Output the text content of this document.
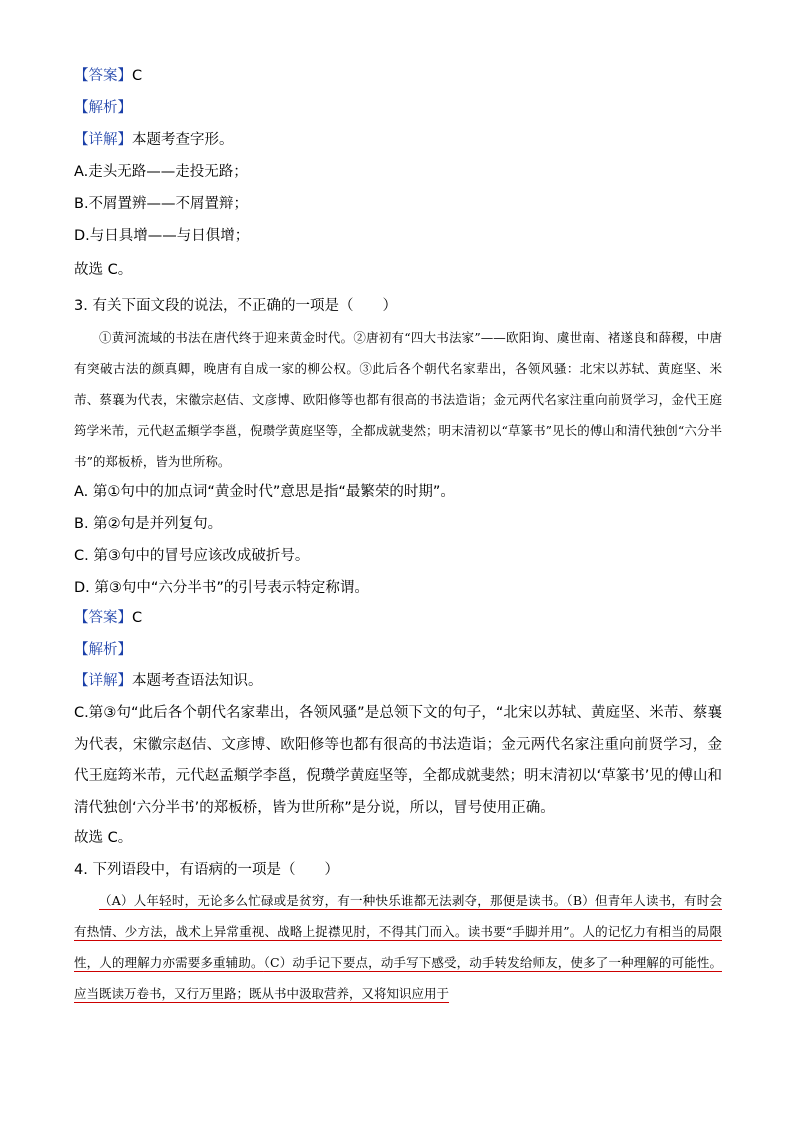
【答案】C
【解析】
【详解】本题考查字形。
A.走头无路——走投无路；
B.不屑置辨——不屑置辩；
D.与日具增——与日俱增；
故选 C。
3. 有关下面文段的说法，不正确的一项是（　　）

①黄河流域的书法在唐代终于迎来黄金时代。②唐初有“四大书法家”——欧阳询、虞世南、褚遂良和薛稷，中唐有突破古法的颜真卿，晚唐有自成一家的柳公权。③此后各个朝代名家辈出，各领风骚：北宋以苏轼、黄庭坚、米芾、蔡襄为代表，宋徽宗赵佶、文彦博、欧阳修等也都有很高的书法造诣；金元两代名家注重向前贤学习，金代王庭筠学米芾，元代赵孟頫学李邕，倪瓒学黄庭坚等，全都成就斐然；明末清初以“草篆书”见长的傅山和清代独创“六分半书”的郑板桥，皆为世所称。

A. 第①句中的加点词“黄金时代”意思是指“最繁荣的时期”。
B. 第②句是并列复句。
C. 第③句中的冒号应该改成破折号。
D. 第③句中“六分半书”的引号表示特定称谓。
【答案】C
【解析】
【详解】本题考查语法知识。

C.第③句“此后各个朝代名家辈出，各领风骚”是总领下文的句子，“北宋以苏轼、黄庭坚、米芾、蔡襄为代表，宋徽宗赵佶、文彦博、欧阳修等也都有很高的书法造诣；金元两代名家注重向前贤学习，金代王庭筠米芾，元代赵孟頫学李邕，倪瓒学黄庭坚等，全都成就斐然；明末清初以‘草篆书’见的傅山和清代独创‘六分半书’的郑板桥，皆为世所称”是分说，所以，冒号使用正确。

故选 C。
4. 下列语段中，有语病的一项是（　　）

（A）人年轻时，无论多么忙碌或是贫穷，有一种快乐谁都无法剥夺，那便是读书。（B）但青年人读书，有时会有热情、少方法，战术上异常重视、战略上捉襟见肘，不得其门而入。读书要“手脚并用”。人的记忆力有相当的局限性，人的理解力亦需要多重辅助。（C）动手记下要点，动手写下感受，动手转发给师友，使多了一种理解的可能性。应当既读万卷书，又行万里路；既从书中汲取营养，又将知识应用于
